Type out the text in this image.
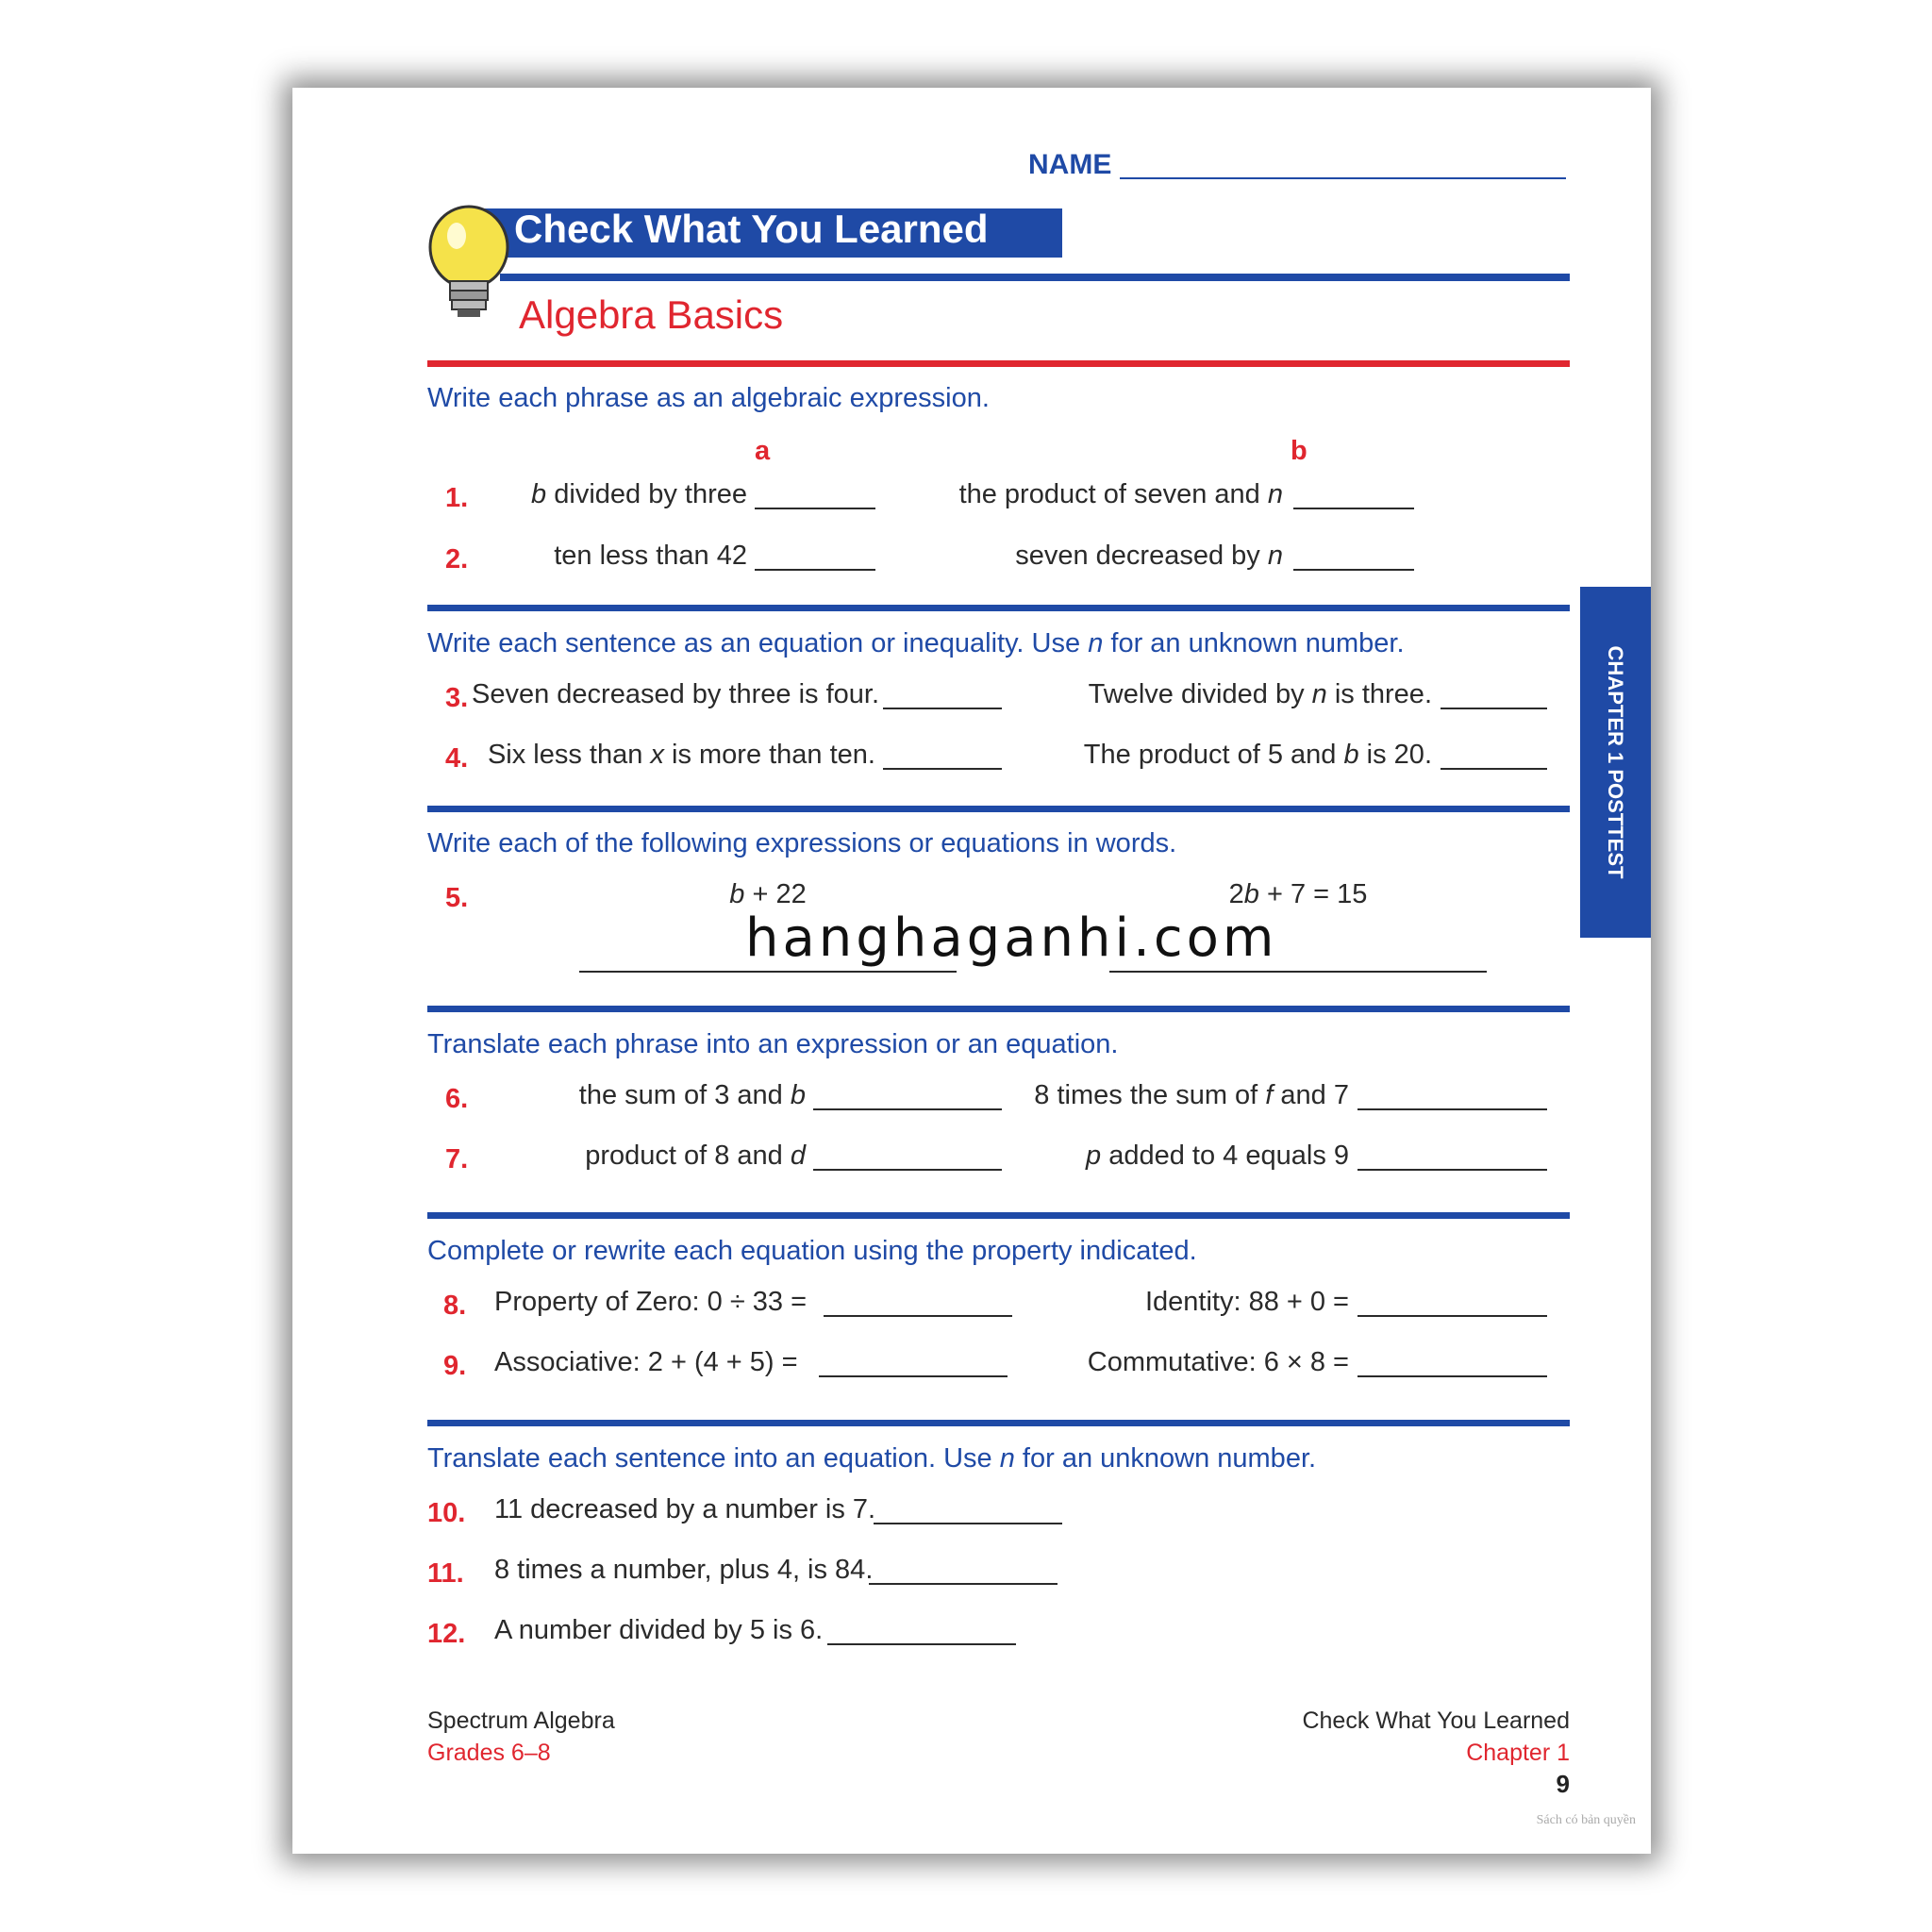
NAME
Check What You Learned
Algebra Basics
Write each phrase as an algebraic expression.
a	b
1.	b divided by three	the product of seven and n
2.	ten less than 42	seven decreased by n
Write each sentence as an equation or inequality. Use n for an unknown number.
3. Seven decreased by three is four.	Twelve divided by n is three.
4. Six less than x is more than ten.	The product of 5 and b is 20.
Write each of the following expressions or equations in words.
5.	b + 22	2b + 7 = 15
hanghaganhi.com
Translate each phrase into an expression or an equation.
6.	the sum of 3 and b	8 times the sum of f and 7
7.	product of 8 and d	p added to 4 equals 9
Complete or rewrite each equation using the property indicated.
8. Property of Zero: 0 ÷ 33 =	Identity: 88 + 0 =
9. Associative: 2 + (4 + 5) =	Commutative: 6 × 8 =
Translate each sentence into an equation. Use n for an unknown number.
10. 11 decreased by a number is 7.
11. 8 times a number, plus 4, is 84.
12. A number divided by 5 is 6.
CHAPTER 1 POSTTEST
Spectrum Algebra
Grades 6–8
Check What You Learned
Chapter 1
9
Sách có bản quyền
